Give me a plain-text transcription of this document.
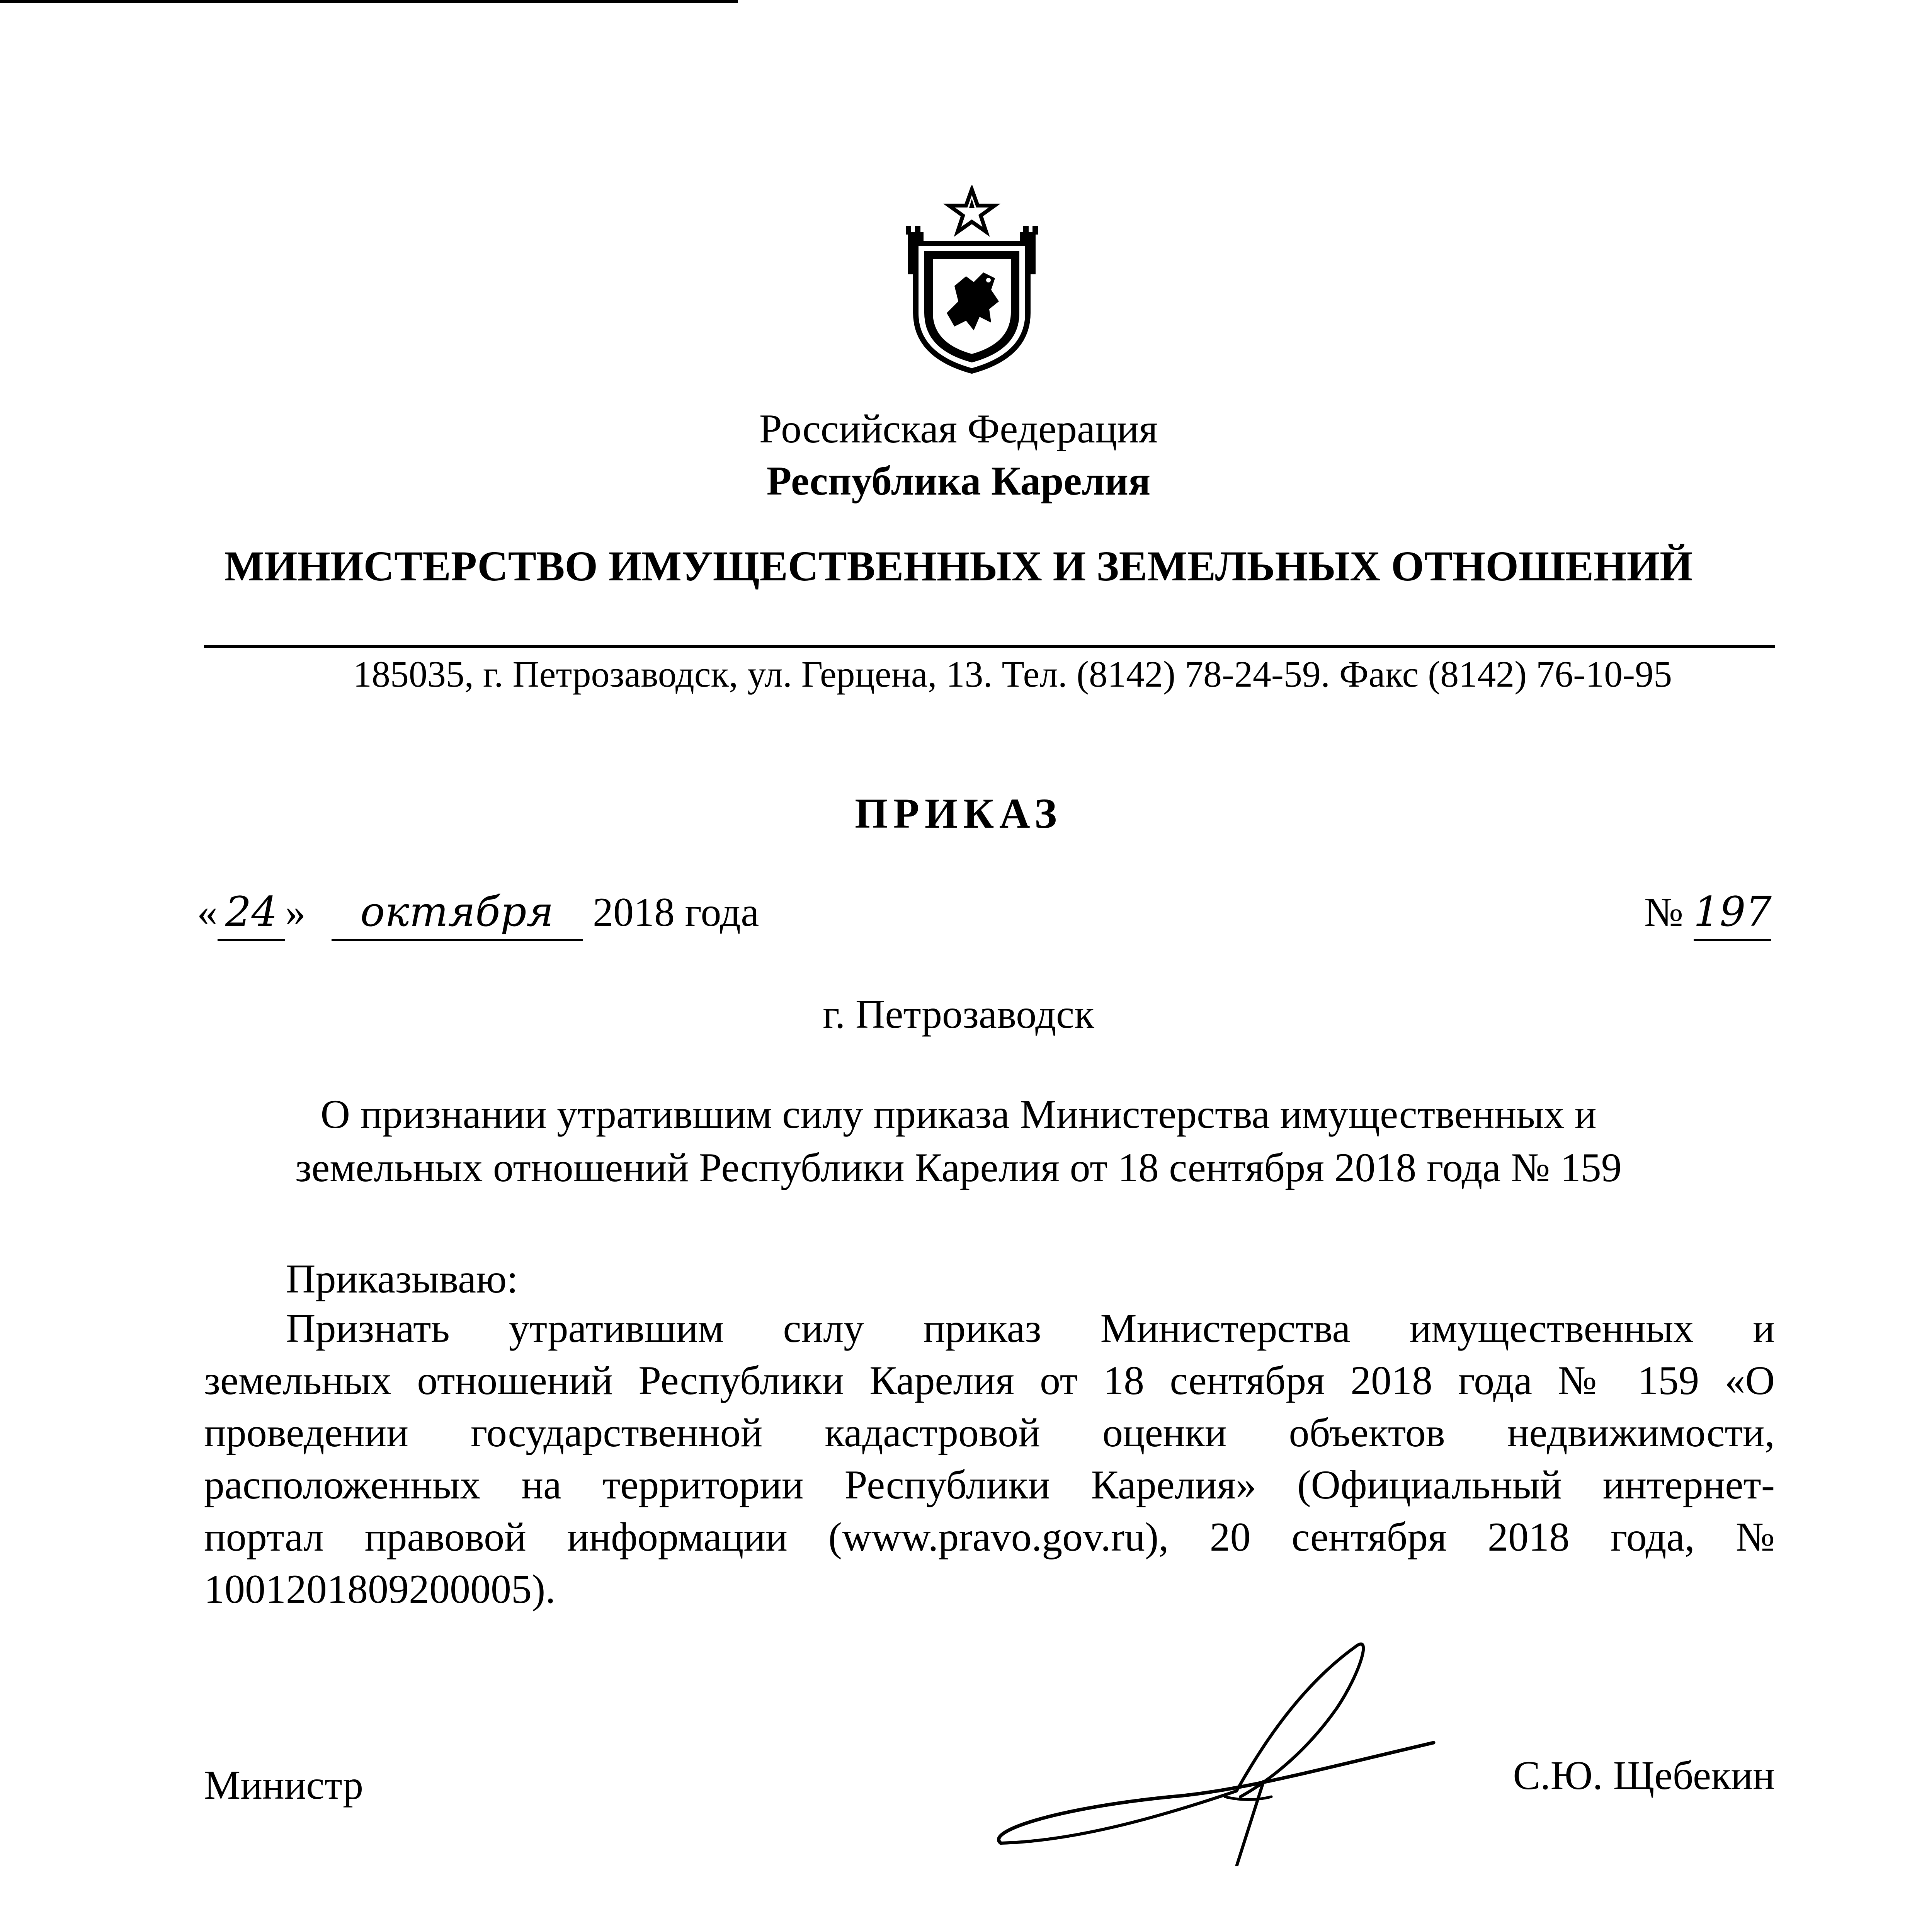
Российская Федерация
Республика Карелия
МИНИСТЕРСТВО ИМУЩЕСТВЕННЫХ И ЗЕМЕЛЬНЫХ ОТНОШЕНИЙ
185035, г. Петрозаводск, ул. Герцена, 13. Тел. (8142) 78-24-59. Факс (8142) 76-10-95
ПРИКАЗ
« 24 » октября 2018 года	№ 197
г. Петрозаводск
О признании утратившим силу приказа Министерства имущественных и
земельных отношений Республики Карелия от 18 сентября 2018 года № 159
Приказываю:
Признать утратившим силу приказ Министерства имущественных и
земельных отношений Республики Карелия от 18 сентября 2018 года № 159 «О
проведении государственной кадастровой оценки объектов недвижимости,
расположенных на территории Республики Карелия» (Официальный интернет-
портал правовой информации (www.pravo.gov.ru), 20 сентября 2018 года, №
1001201809200005).
Министр	С.Ю. Щебекин
